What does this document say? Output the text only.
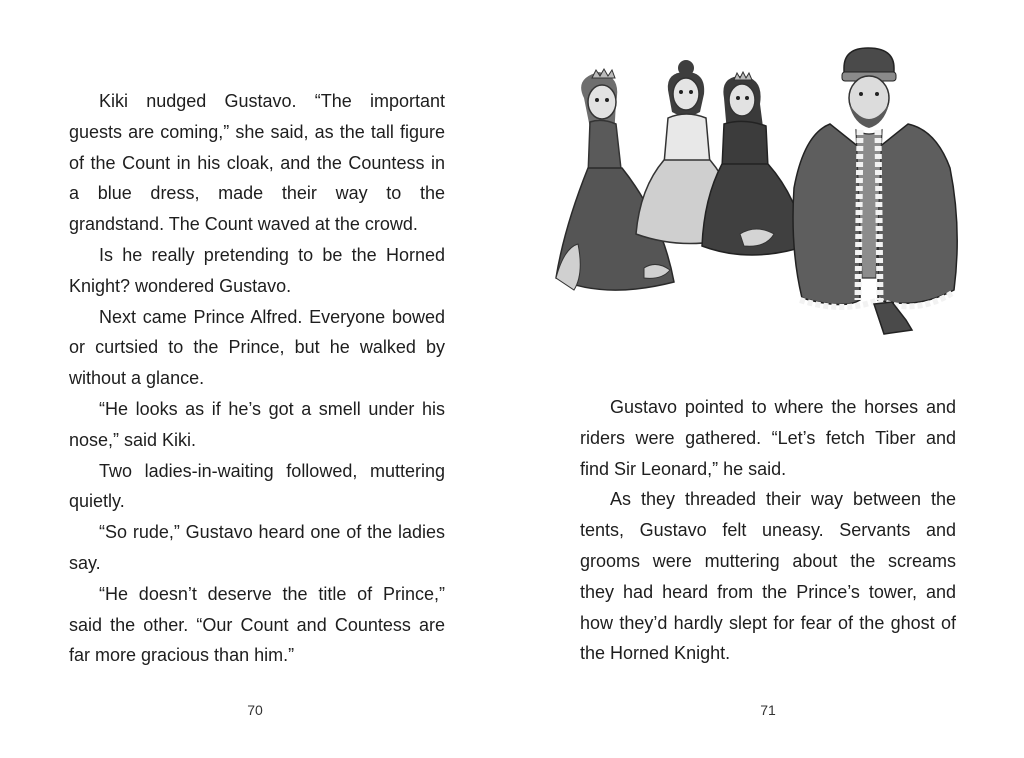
Kiki nudged Gustavo. “The important guests are coming,” she said, as the tall figure of the Count in his cloak, and the Countess in a blue dress, made their way to the grandstand. The Count waved at the crowd.

Is he really pretending to be the Horned Knight? wondered Gustavo.

Next came Prince Alfred. Everyone bowed or curtsied to the Prince, but he walked by without a glance.

“He looks as if he’s got a smell under his nose,” said Kiki.

Two ladies-in-waiting followed, muttering quietly.

“So rude,” Gustavo heard one of the ladies say.

“He doesn’t deserve the title of Prince,” said the other. “Our Count and Countess are far more gracious than him.”

70

Gustavo pointed to where the horses and riders were gathered. “Let’s fetch Tiber and find Sir Leonard,” he said.

As they threaded their way between the tents, Gustavo felt uneasy. Servants and grooms were muttering about the screams they had heard from the Prince’s tower, and how they’d hardly slept for fear of the ghost of the Horned Knight.

71
